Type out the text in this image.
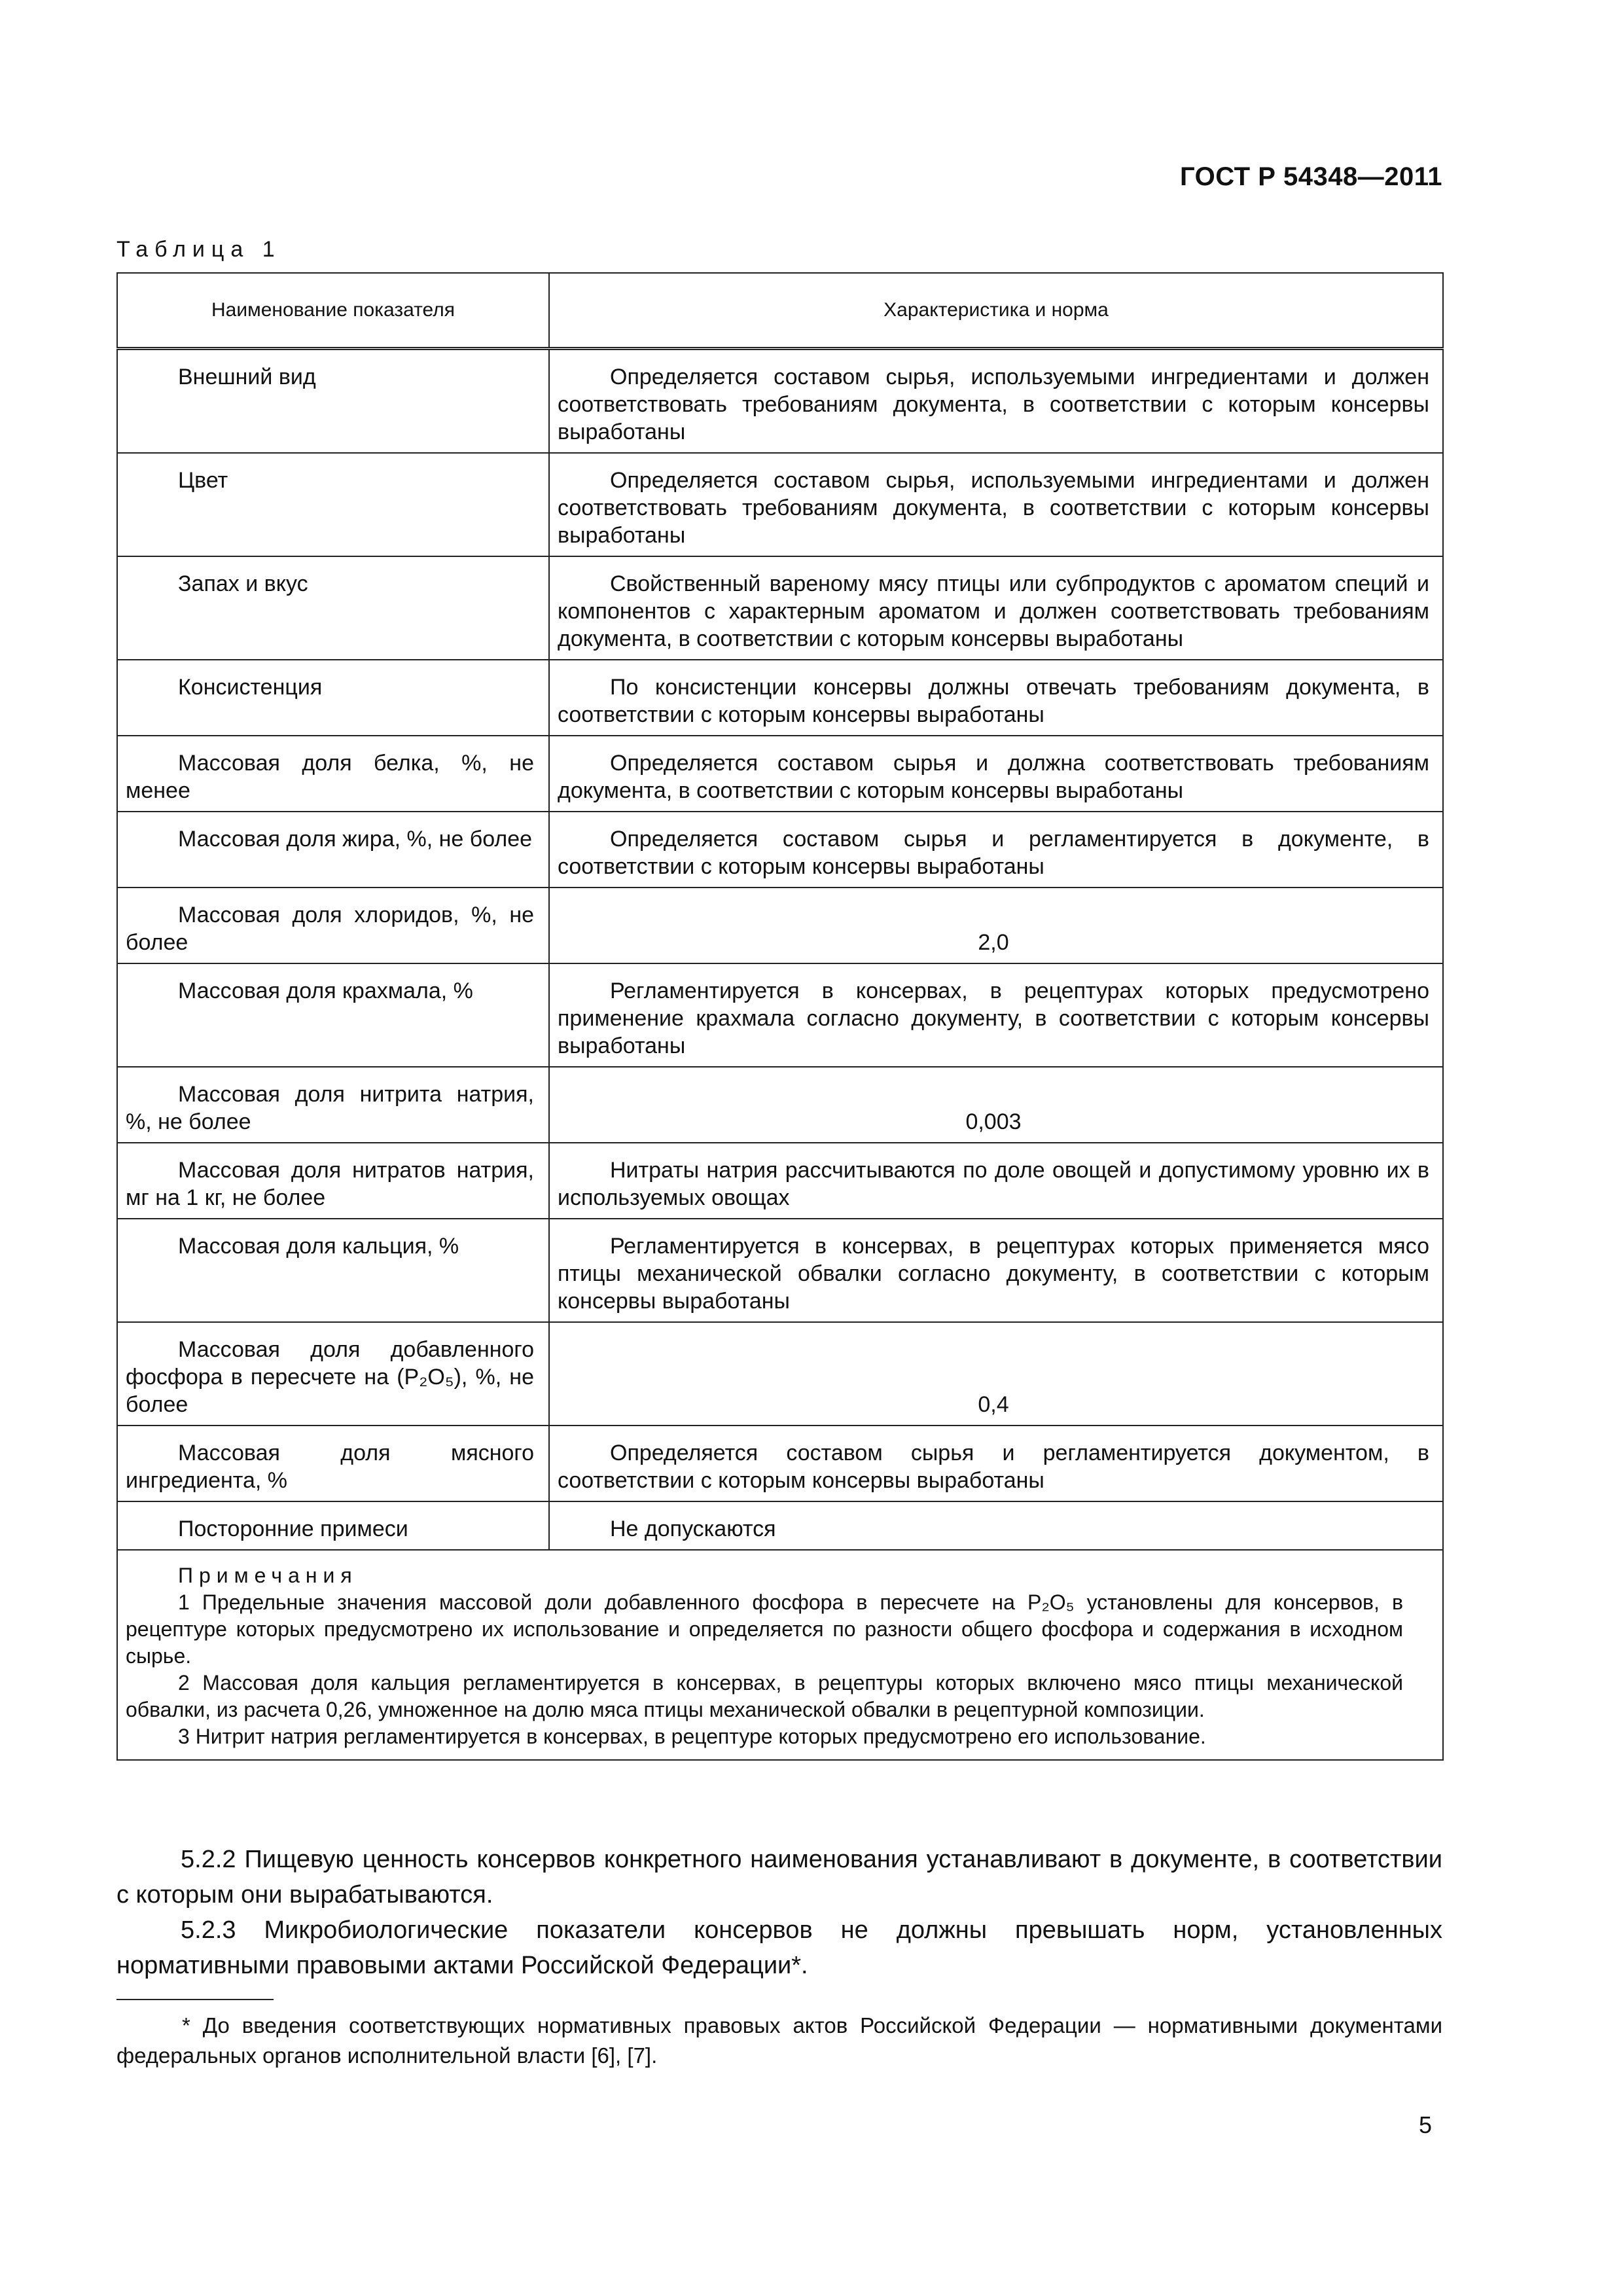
ГОСТ Р 54348—2011
Таблица 1
Наименование показателя	Характеристика и норма
Внешний вид	Определяется составом сырья, используемыми ингредиентами и должен соответствовать требованиям документа, в соответствии с которым консервы выработаны
Цвет	Определяется составом сырья, используемыми ингредиентами и должен соответствовать требованиям документа, в соответствии с которым консервы выработаны
Запах и вкус	Свойственный вареному мясу птицы или субпродуктов с ароматом специй и компонентов с характерным ароматом и должен соответствовать требованиям документа, в соответствии с которым консервы выработаны
Консистенция	По консистенции консервы должны отвечать требованиям документа, в соответствии с которым консервы выработаны
Массовая доля белка, %, не менее	Определяется составом сырья и должна соответствовать требованиям документа, в соответствии с которым консервы выработаны
Массовая доля жира, %, не более	Определяется составом сырья и регламентируется в документе, в соответствии с которым консервы выработаны
Массовая доля хлоридов, %, не более	2,0
Массовая доля крахмала, %	Регламентируется в консервах, в рецептурах которых предусмотрено применение крахмала согласно документу, в соответствии с которым консервы выработаны
Массовая доля нитрита натрия, %, не более	0,003
Массовая доля нитратов натрия, мг на 1 кг, не более	Нитраты натрия рассчитываются по доле овощей и допустимому уровню их в используемых овощах
Массовая доля кальция, %	Регламентируется в консервах, в рецептурах которых применяется мясо птицы механической обвалки согласно документу, в соответствии с которым консервы выработаны
Массовая доля добавленного фосфора в пересчете на (P₂O₅), %, не более	0,4
Массовая доля мясного ингредиента, %	Определяется составом сырья и регламентируется документом, в соответствии с которым консервы выработаны
Посторонние примеси	Не допускаются

Примечания
1 Предельные значения массовой доли добавленного фосфора в пересчете на P₂O₅ установлены для консервов, в рецептуре которых предусмотрено их использование и определяется по разности общего фосфора и содержания в исходном сырье.
2 Массовая доля кальция регламентируется в консервах, в рецептуры которых включено мясо птицы механической обвалки, из расчета 0,26, умноженное на долю мяса птицы механической обвалки в рецептурной композиции.
3 Нитрит натрия регламентируется в консервах, в рецептуре которых предусмотрено его использование.	

5.2.2 Пищевую ценность консервов конкретного наименования устанавливают в документе, в соответствии с которым они вырабатываются.

5.2.3 Микробиологические показатели консервов не должны превышать норм, установленных нормативными правовыми актами Российской Федерации*.

* До введения соответствующих нормативных правовых актов Российской Федерации — нормативными документами федеральных органов исполнительной власти [6], [7].
5
